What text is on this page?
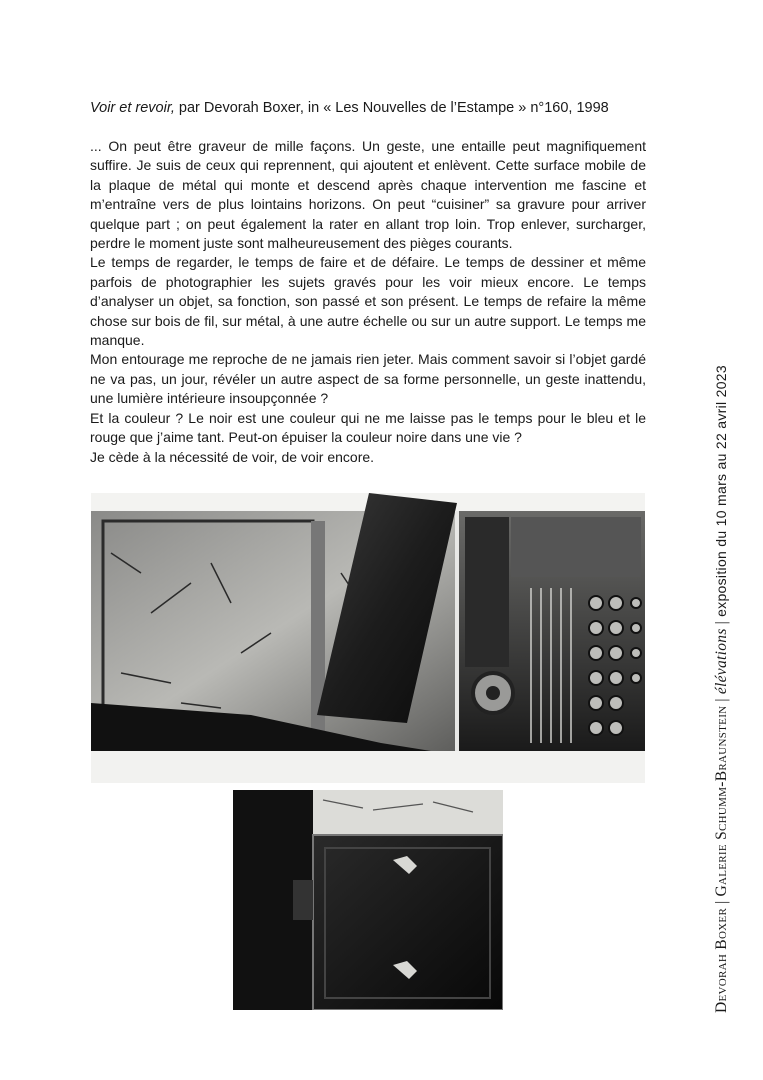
Voir et revoir, par Devorah Boxer, in « Les Nouvelles de l’Estampe » n°160, 1998

... On peut être graveur de mille façons. Un geste, une entaille peut magnifiquement suffire. Je suis de ceux qui reprennent, qui ajoutent et enlèvent. Cette surface mobile de la plaque de métal qui monte et descend après chaque intervention me fascine et m’entraîne vers de plus lointains horizons. On peut “cuisiner” sa gravure pour arriver quelque part ; on peut également la rater en allant trop loin. Trop enlever, surcharger, perdre le moment juste sont malheureusement des pièges courants.

Le temps de regarder, le temps de faire et de défaire. Le temps de dessiner et même parfois de photographier les sujets gravés pour les voir mieux encore. Le temps d’analyser un objet, sa fonction, son passé et son présent. Le temps de refaire la même chose sur bois de fil, sur métal, à une autre échelle ou sur un autre support. Le temps me manque.

Mon entourage me reproche de ne jamais rien jeter. Mais comment savoir si l’objet gardé ne va pas, un jour, révéler un autre aspect de sa forme personnelle, un geste inattendu, une lumière intérieure insoupçonnée ?

Et la couleur ? Le noir est une couleur qui ne me laisse pas le temps pour le bleu et le rouge que j’aime tant. Peut-on épuiser la couleur noire dans une vie ?

Je cède à la nécessité de voir, de voir encore.

Devorah Boxer|Galerie Schumm-Braunstein|élévations|exposition du 10 mars au 22 avril 2023
